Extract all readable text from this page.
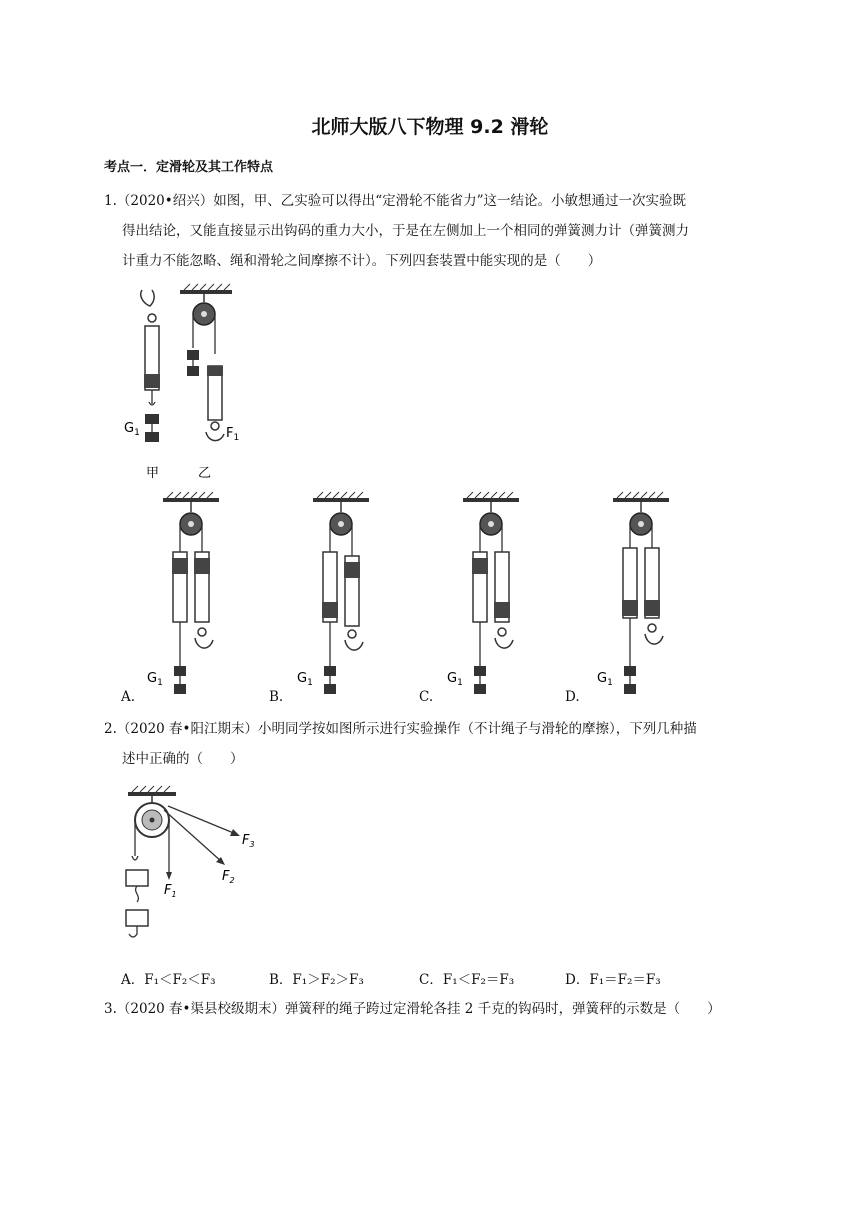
北师大版八下物理 9.2 滑轮
考点一．定滑轮及其工作特点
1.（2020•绍兴）如图，甲、乙实验可以得出“定滑轮不能省力”这一结论。小敏想通过一次实验既
得出结论，又能直接显示出钩码的重力大小，于是在左侧加上一个相同的弹簧测力计（弹簧测力
计重力不能忽略、绳和滑轮之间摩擦不计）。下列四套装置中能实现的是（　　）
$G_1$
甲
$F_1$
乙
$G_1$	$G_1$	$G_1$	$G_1$
A.	B.	C.	D.
2.（2020 春•阳江期末）小明同学按如图所示进行实验操作（不计绳子与滑轮的摩擦），下列几种描
述中正确的（　　）
$F_1$
$F_2$
$F_3$
A．F₁＜F₂＜F₃	B．F₁＞F₂＞F₃	C．F₁＜F₂＝F₃	D．F₁＝F₂＝F₃
3.（2020 春•渠县校级期末）弹簧秤的绳子跨过定滑轮各挂 2 千克的钩码时，弹簧秤的示数是（　　）
